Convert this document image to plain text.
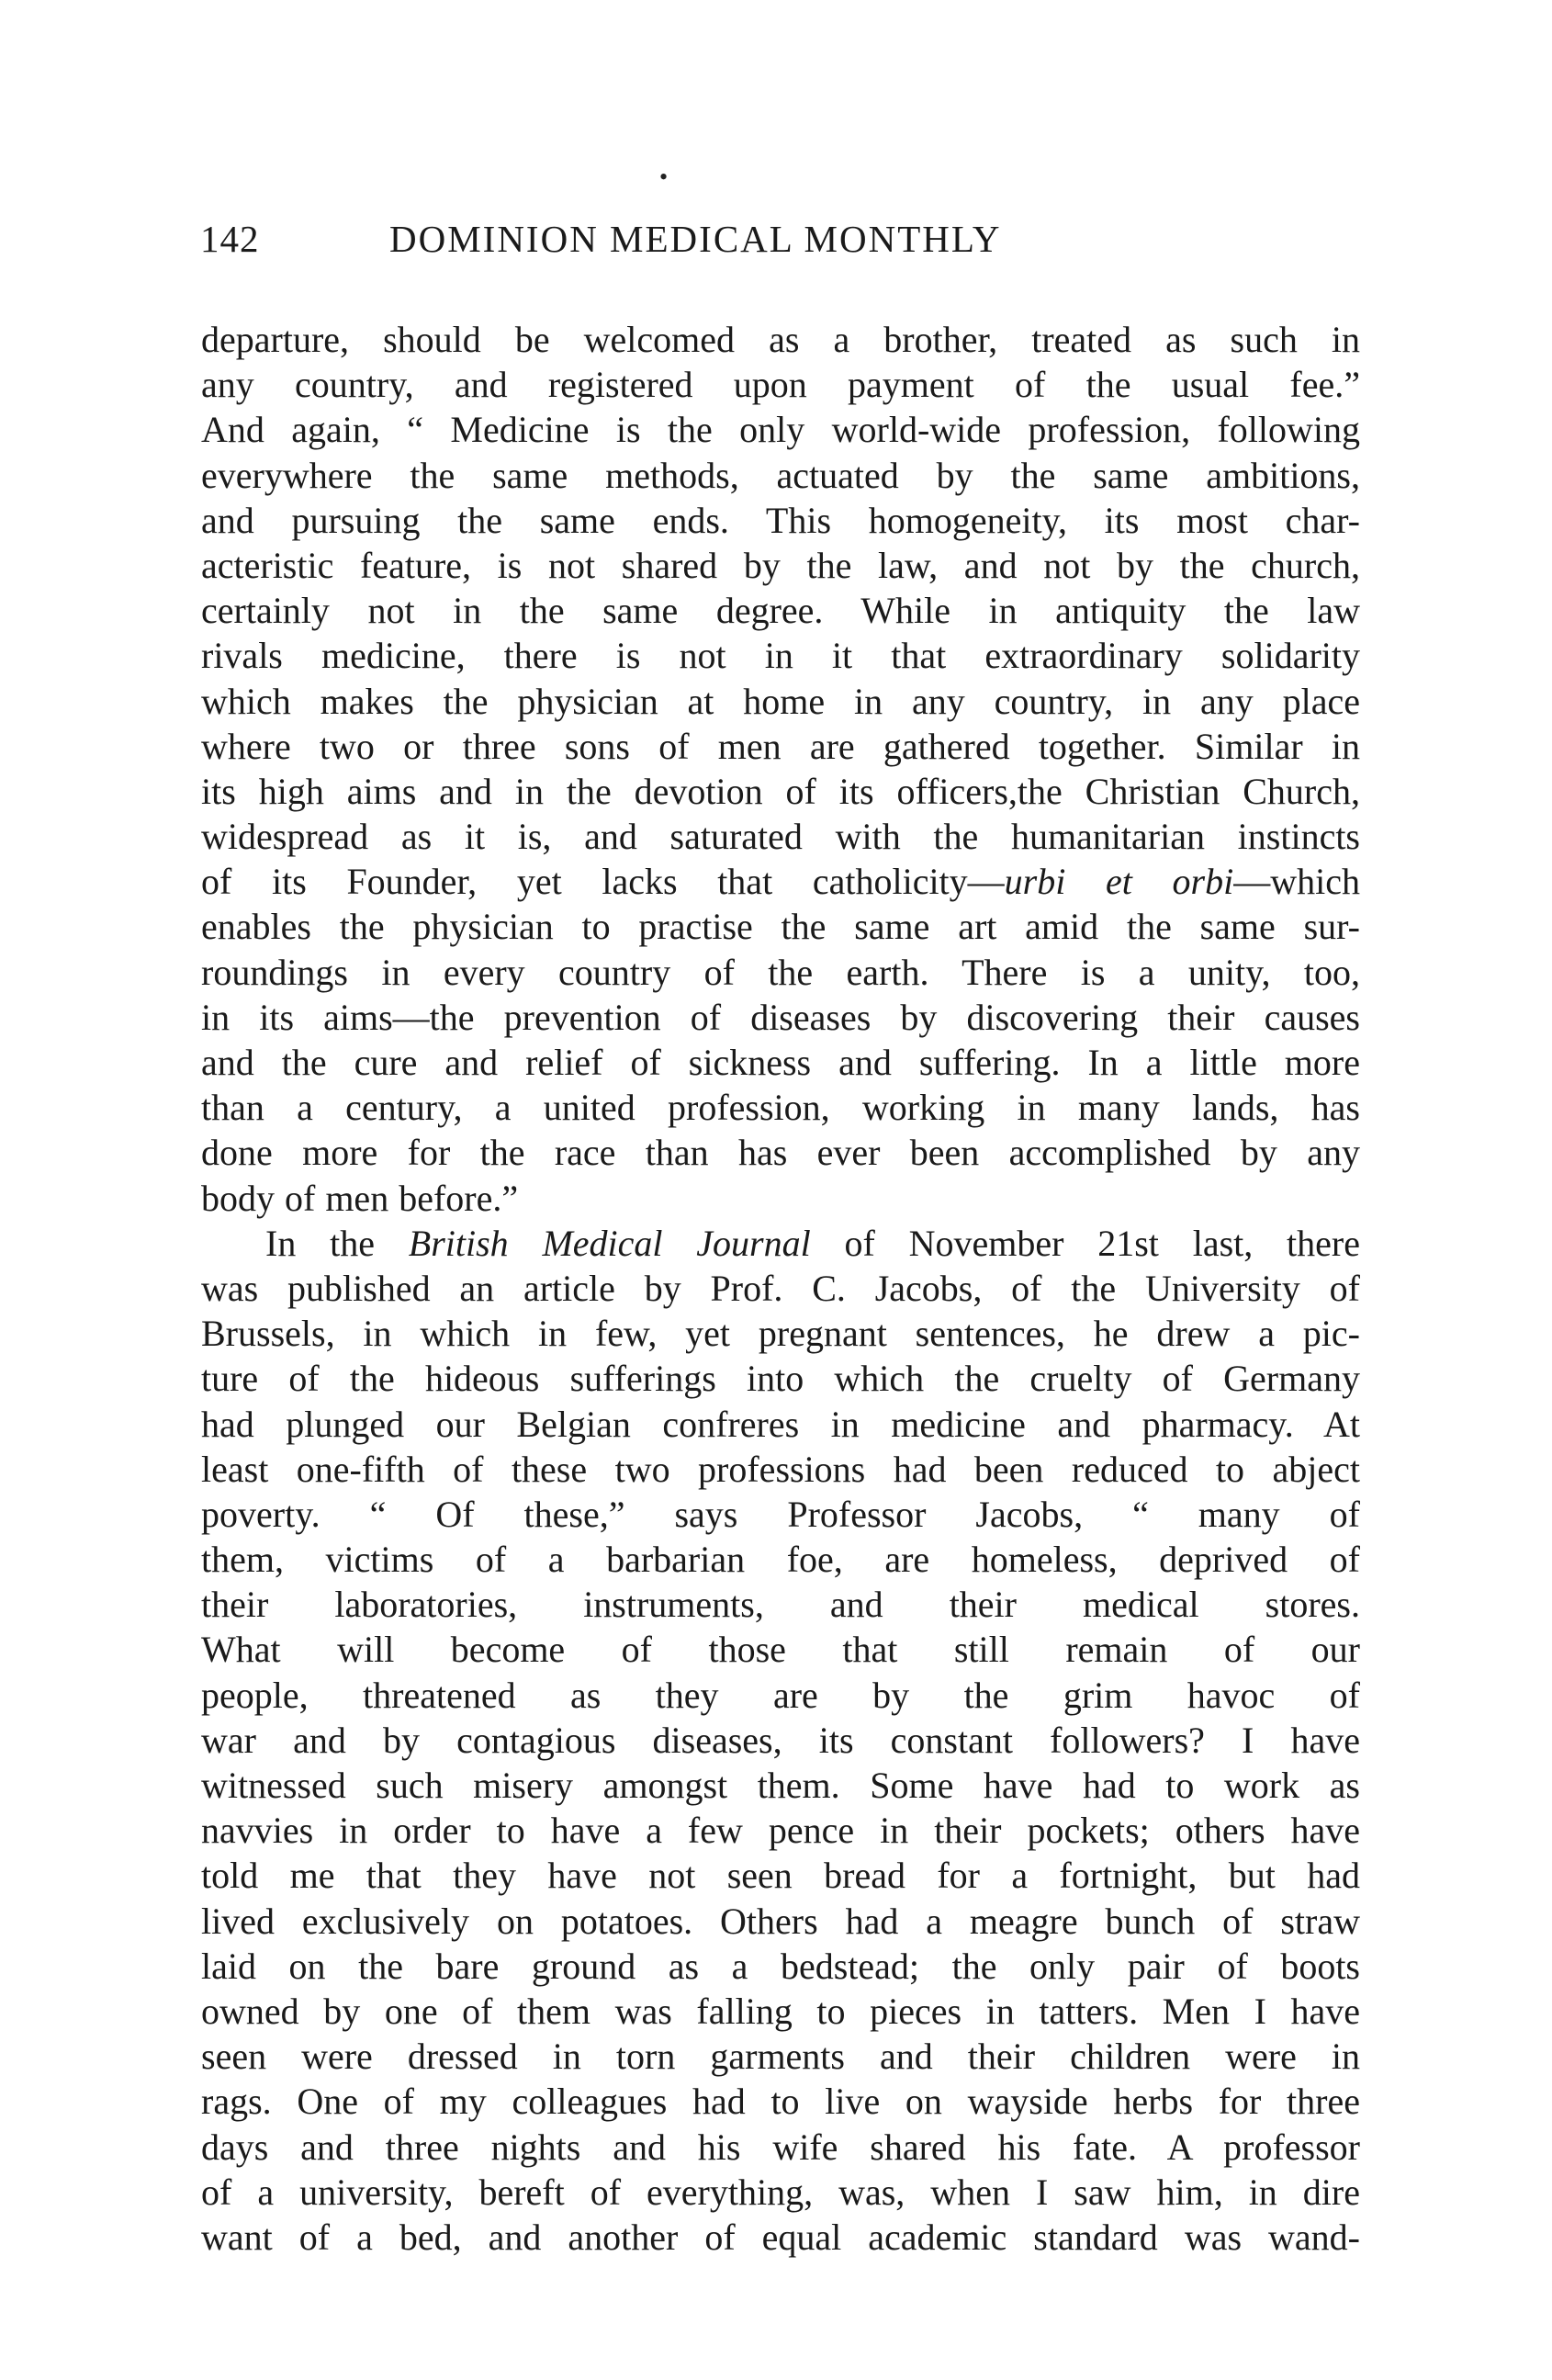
•
142	DOMINION MEDICAL MONTHLY
departure, should be welcomed as a brother, treated as such in
any country, and registered upon payment of the usual fee.”
And again, “ Medicine is the only world-wide profession, following
everywhere the same methods, actuated by the same ambitions,
and pursuing the same ends. This homogeneity, its most char-
acteristic feature, is not shared by the law, and not by the church,
certainly not in the same degree. While in antiquity the law
rivals medicine, there is not in it that extraordinary solidarity
which makes the physician at home in any country, in any place
where two or three sons of men are gathered together. Similar in
its high aims and in the devotion of its officers,the Christian Church,
widespread as it is, and saturated with the humanitarian instincts
of its Founder, yet lacks that catholicity—urbi et orbi—which
enables the physician to practise the same art amid the same sur-
roundings in every country of the earth. There is a unity, too,
in its aims—the prevention of diseases by discovering their causes
and the cure and relief of sickness and suffering. In a little more
than a century, a united profession, working in many lands, has
done more for the race than has ever been accomplished by any
body of men before.”
In the British Medical Journal of November 21st last, there
was published an article by Prof. C. Jacobs, of the University of
Brussels, in which in few, yet pregnant sentences, he drew a pic-
ture of the hideous sufferings into which the cruelty of Germany
had plunged our Belgian confreres in medicine and pharmacy. At
least one-fifth of these two professions had been reduced to abject
poverty. “ Of these,” says Professor Jacobs, “ many of
them, victims of a barbarian foe, are homeless, deprived of
their laboratories, instruments, and their medical stores.
What will become of those that still remain of our
people, threatened as they are by the grim havoc of
war and by contagious diseases, its constant followers? I have
witnessed such misery amongst them. Some have had to work as
navvies in order to have a few pence in their pockets; others have
told me that they have not seen bread for a fortnight, but had
lived exclusively on potatoes. Others had a meagre bunch of straw
laid on the bare ground as a bedstead; the only pair of boots
owned by one of them was falling to pieces in tatters. Men I have
seen were dressed in torn garments and their children were in
rags. One of my colleagues had to live on wayside herbs for three
days and three nights and his wife shared his fate. A professor
of a university, bereft of everything, was, when I saw him, in dire
want of a bed, and another of equal academic standard was wand-
